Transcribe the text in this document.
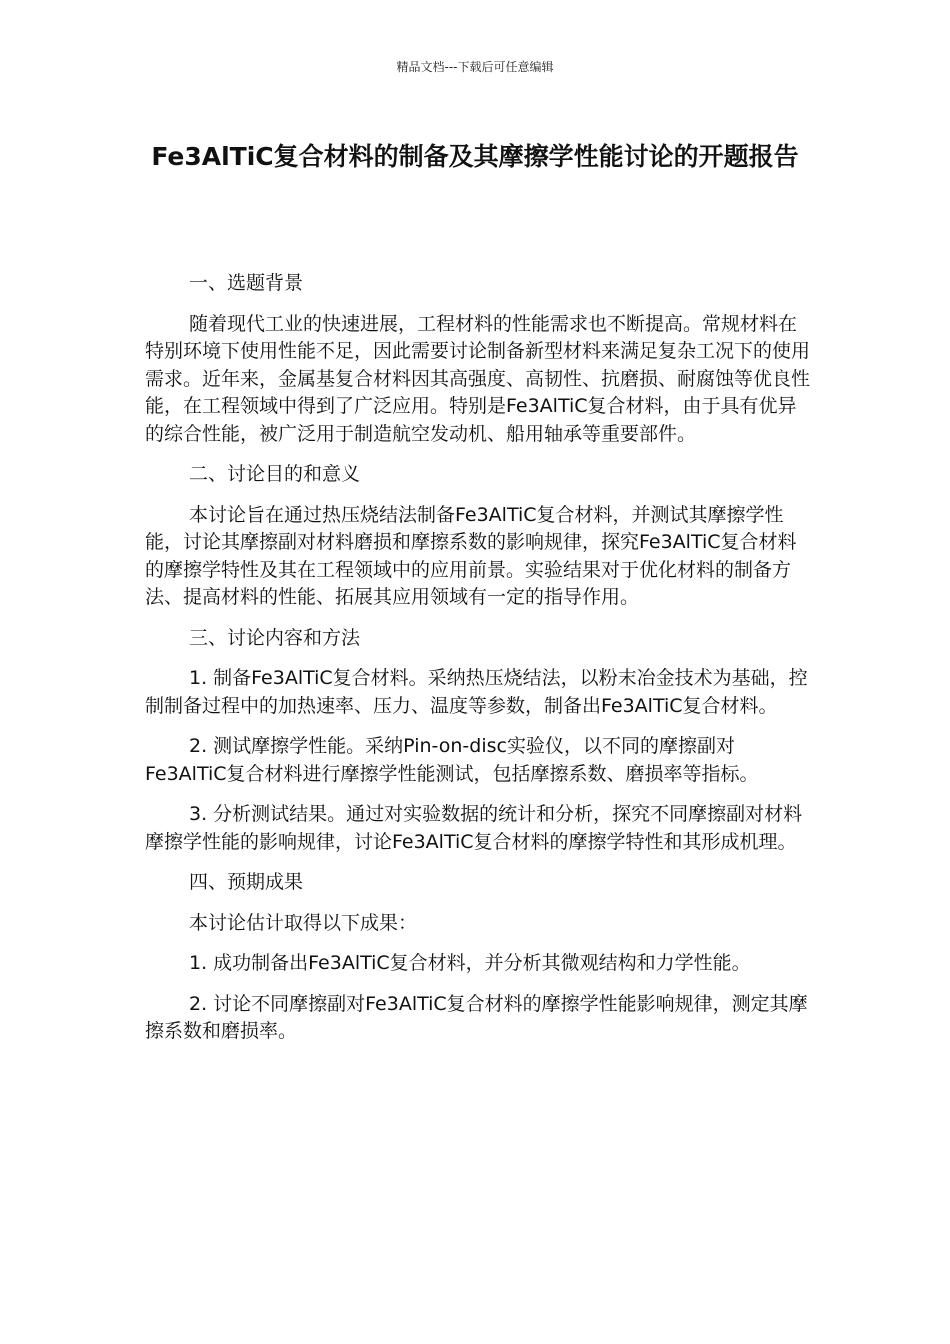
精品文档---下载后可任意编辑
Fe3AlTiC复合材料的制备及其摩擦学性能讨论的开题报告

一、选题背景

随着现代工业的快速进展，工程材料的性能需求也不断提高。常规材料在特别环境下使用性能不足，因此需要讨论制备新型材料来满足复杂工况下的使用需求。近年来，金属基复合材料因其高强度、高韧性、抗磨损、耐腐蚀等优良性能，在工程领域中得到了广泛应用。特别是Fe3AlTiC复合材料，由于具有优异的综合性能，被广泛用于制造航空发动机、船用轴承等重要部件。

二、讨论目的和意义

本讨论旨在通过热压烧结法制备Fe3AlTiC复合材料，并测试其摩擦学性能，讨论其摩擦副对材料磨损和摩擦系数的影响规律，探究Fe3AlTiC复合材料的摩擦学特性及其在工程领域中的应用前景。实验结果对于优化材料的制备方法、提高材料的性能、拓展其应用领域有一定的指导作用。

三、讨论内容和方法

1. 制备Fe3AlTiC复合材料。采纳热压烧结法，以粉末冶金技术为基础，控制制备过程中的加热速率、压力、温度等参数，制备出Fe3AlTiC复合材料。

2. 测试摩擦学性能。采纳Pin-on-disc实验仪，以不同的摩擦副对Fe3AlTiC复合材料进行摩擦学性能测试，包括摩擦系数、磨损率等指标。

3. 分析测试结果。通过对实验数据的统计和分析，探究不同摩擦副对材料摩擦学性能的影响规律，讨论Fe3AlTiC复合材料的摩擦学特性和其形成机理。

四、预期成果

本讨论估计取得以下成果：

1. 成功制备出Fe3AlTiC复合材料，并分析其微观结构和力学性能。

2. 讨论不同摩擦副对Fe3AlTiC复合材料的摩擦学性能影响规律，测定其摩擦系数和磨损率。
